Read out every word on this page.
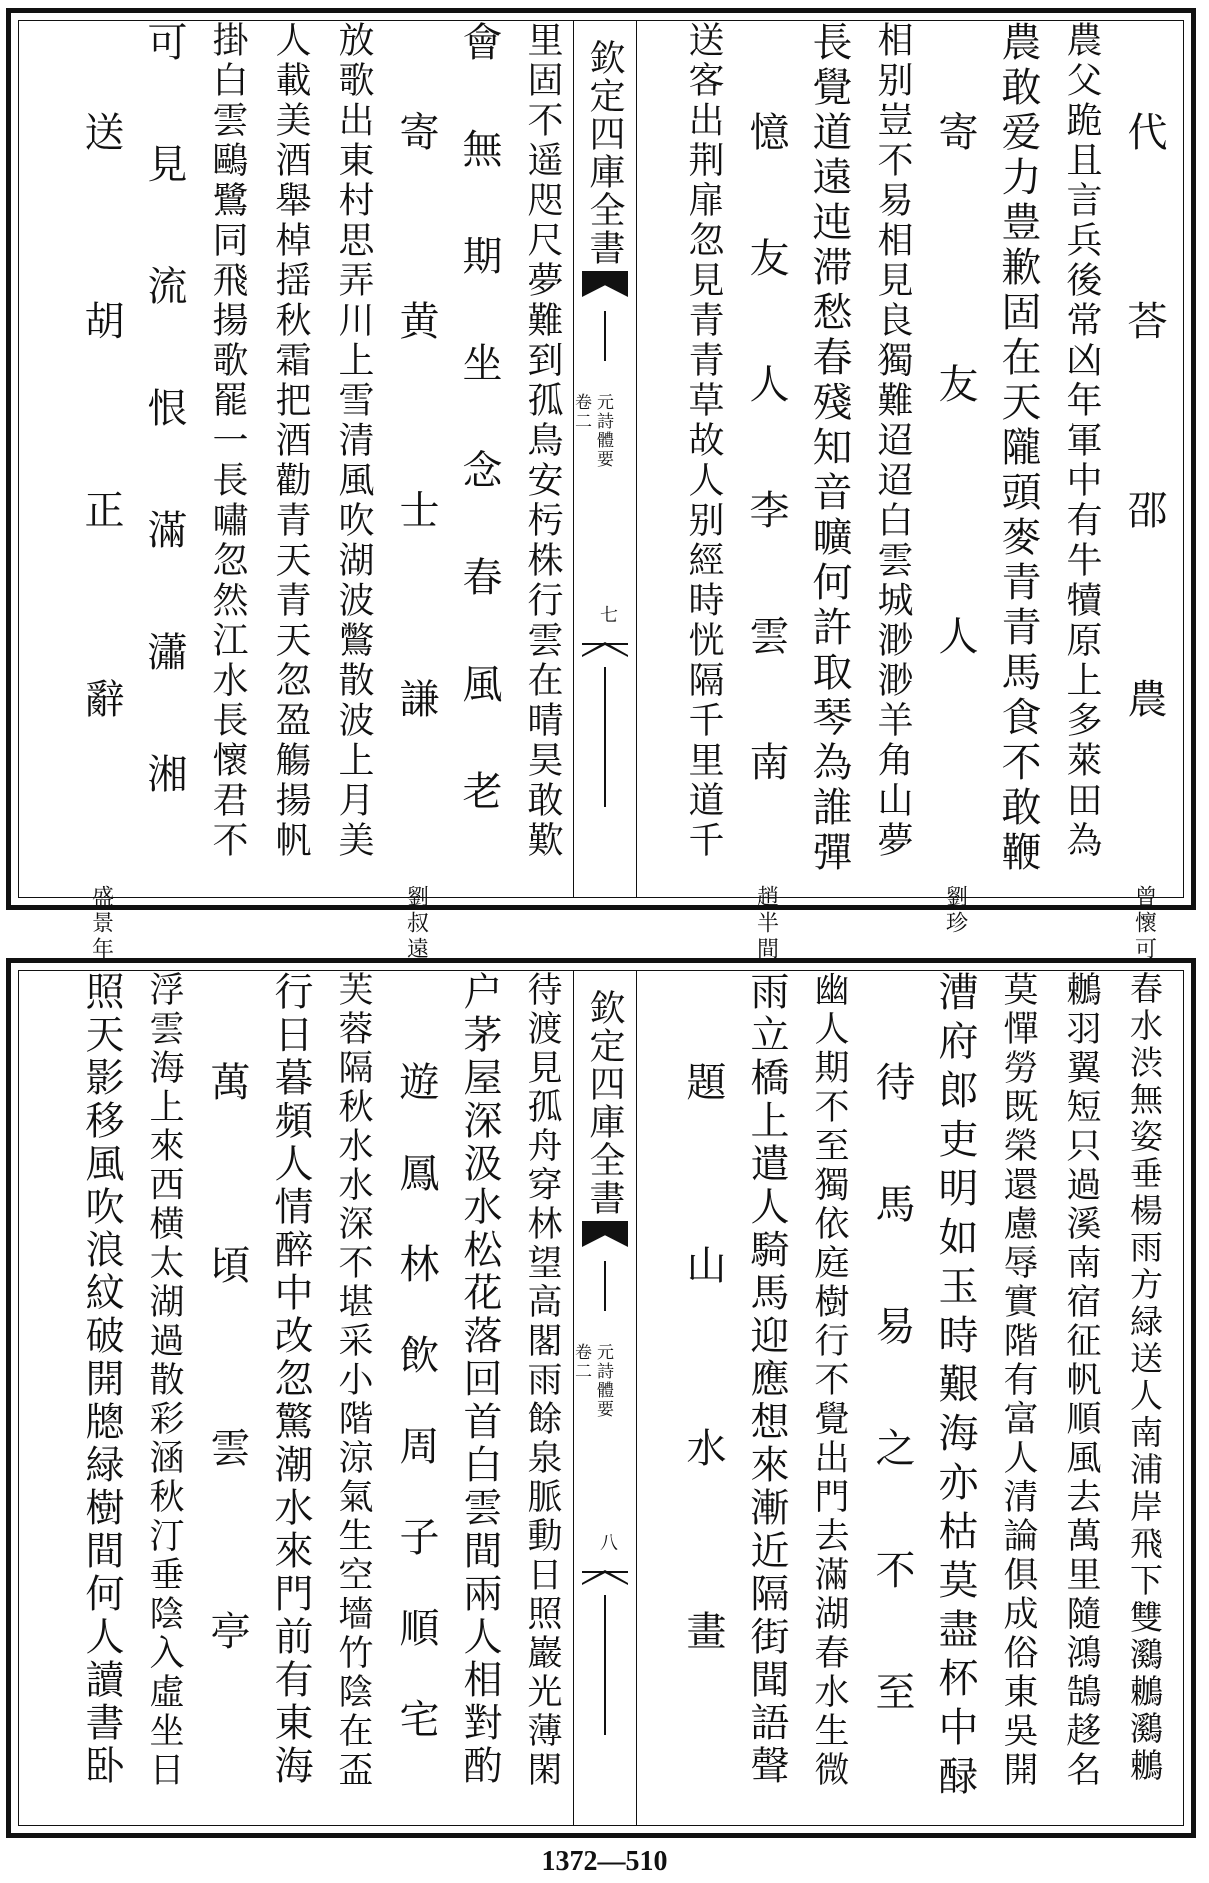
代荅邵農曾懷可
農父跪且言兵後常凶年軍中有牛犢原上多萊田為
農敢爱力豊歉固在天隴頭麥青青馬食不敢鞭
寄友人劉珍
相别豈不易相見良獨難迢迢白雲城渺渺羊角山夢
長覺道遠迍滞愁春殘知音曠何許取琴為誰彈
憶友人李雲南趙半間
送客出荆扉忽見青青草故人别經時恍隔千里道千
欽定四庫全書
元詩體要
卷二
七
里固不遥咫尺夢難到孤鳥安杇株行雲在晴昊敢歎
會無期坐念春風老
寄黄士謙劉叔遠
放歌出東村思弄川上雪清風吹湖波鷩散波上月美
人載美酒舉棹揺秋霜把酒勸青天青天忽盈觴揚帆
掛白雲鷗鷺同飛揚歌罷一長嘯忽然江水長懷君不
可見流恨滿瀟湘
送胡正辭盛景年
春水渋無姿垂楊雨方緑送人南浦岸飛下雙鸂鶒鸂鶒
鶒羽翼短只過溪南宿征帆順風去萬里隨鴻鵠趍名
莫憚勞既榮還慮辱實階有富人清論俱成俗東吳開
漕府郎吏明如玉時艱海亦枯莫盡杯中醁
待馬易之不至
幽人期不至獨依庭樹行不覺出門去滿湖春水生微
雨立橋上遣人騎馬迎應想來漸近隔街聞語聲
題山水畫
欽定四庫全書
元詩體要
卷二
八
待渡見孤舟穿林望高閣雨餘泉脈動日照巖光薄閑
户茅屋深汲水松花落回首白雲間兩人相對酌
遊鳳林飲周子順宅
芙蓉隔秋水水深不堪采小階涼氣生空墻竹陰在盃
行日暮頻人情醉中改忽驚潮水來門前有東海
萬頃雲亭
浮雲海上來西横太湖過散彩涵秋汀垂陰入虛坐日
照天影移風吹浪紋破開牕緑樹間何人讀書卧
1372—510
